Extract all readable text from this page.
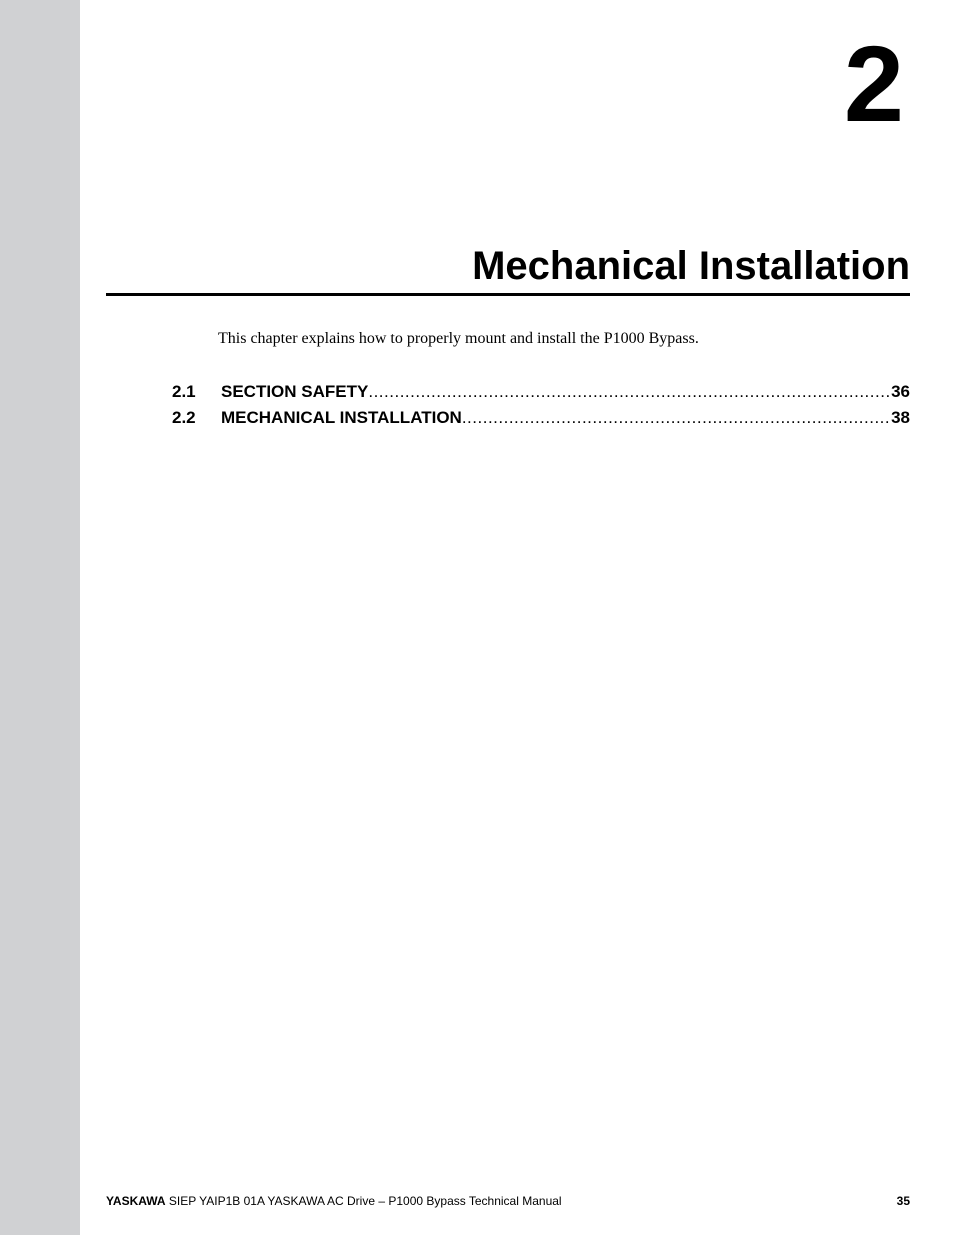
2
Mechanical Installation
This chapter explains how to properly mount and install the P1000 Bypass.
2.1	SECTION SAFETY .....	36
2.2	MECHANICAL INSTALLATION .....	38
YASKAWA SIEP YAIP1B 01A YASKAWA AC Drive – P1000 Bypass Technical Manual	35
